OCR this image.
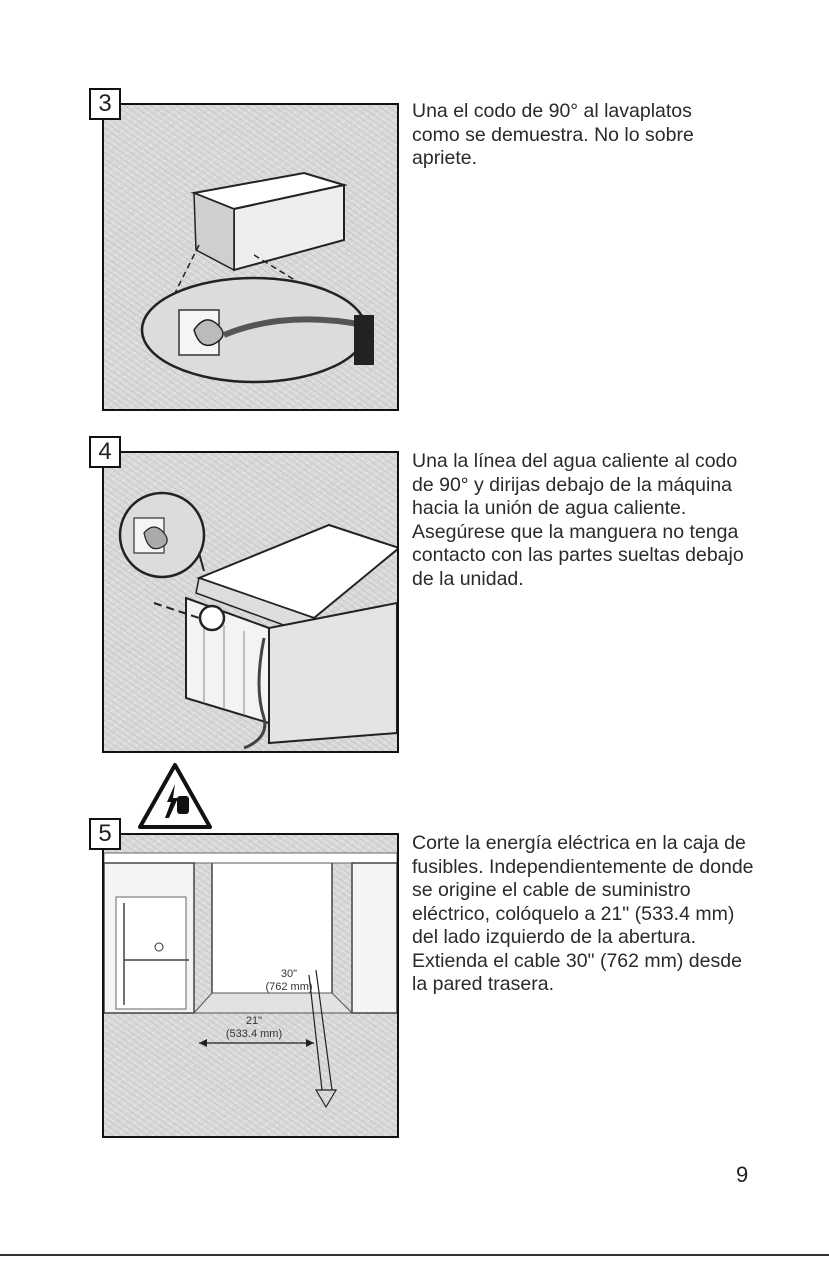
3	Una el codo de 90° al lavaplatos como se demuestra. No lo sobre apriete.

4	Una la línea del agua caliente al codo de 90° y dirijas debajo de la máquina hacia la unión de agua caliente. Asegúrese que la manguera no tenga contacto con las partes sueltas debajo de la unidad.

5
30"
(762 mm)
21"
(533.4 mm)

Corte la energía eléctrica en la caja de fusibles. Independientemente de donde se origine el cable de suministro eléctrico, colóquelo a 21" (533.4 mm) del lado izquierdo de la abertura. Extienda el cable 30" (762 mm) desde la pared trasera.

9
